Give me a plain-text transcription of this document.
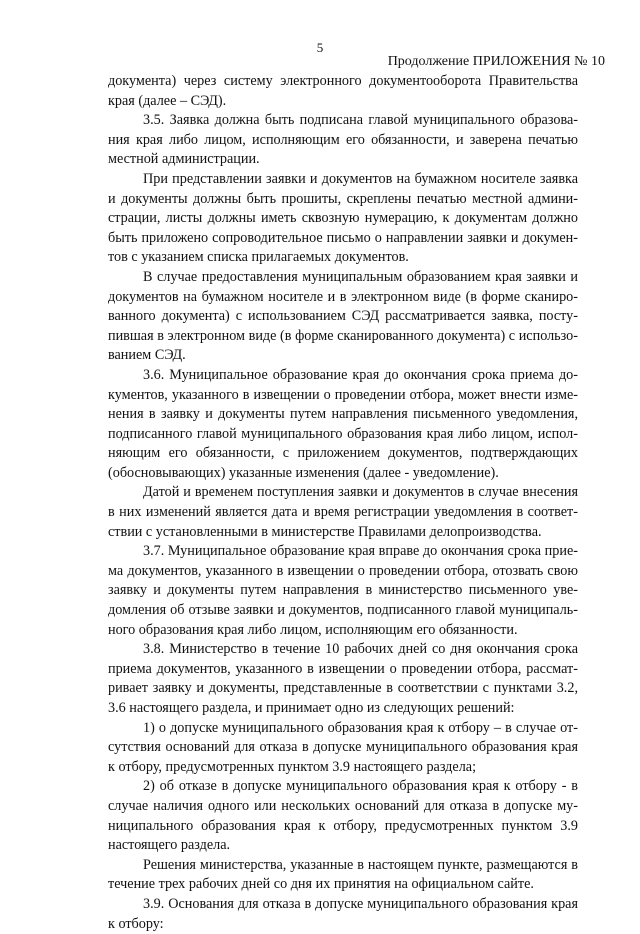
5
Продолжение ПРИЛОЖЕНИЯ № 10
документа) через систему электронного документооборота Правительства
края (далее – СЭД).
3.5. Заявка должна быть подписана главой муниципального образова-
ния края либо лицом, исполняющим его обязанности, и заверена печатью
местной администрации.
При представлении заявки и документов на бумажном носителе заявка
и документы должны быть прошиты, скреплены печатью местной админи-
страции, листы должны иметь сквозную нумерацию, к документам должно
быть приложено сопроводительное письмо о направлении заявки и докумен-
тов с указанием списка прилагаемых документов.
В случае предоставления муниципальным образованием края заявки и
документов на бумажном носителе и в электронном виде (в форме сканиро-
ванного документа) с использованием СЭД рассматривается заявка, посту-
пившая в электронном виде (в форме сканированного документа) с использо-
ванием СЭД.
3.6. Муниципальное образование края до окончания срока приема до-
кументов, указанного в извещении о проведении отбора, может внести изме-
нения в заявку и документы путем направления письменного уведомления,
подписанного главой муниципального образования края либо лицом, испол-
няющим его обязанности, с приложением документов, подтверждающих
(обосновывающих) указанные изменения (далее - уведомление).
Датой и временем поступления заявки и документов в случае внесения
в них изменений является дата и время регистрации уведомления в соответ-
ствии с установленными в министерстве Правилами делопроизводства.
3.7. Муниципальное образование края вправе до окончания срока прие-
ма документов, указанного в извещении о проведении отбора, отозвать свою
заявку и документы путем направления в министерство письменного уве-
домления об отзыве заявки и документов, подписанного главой муниципаль-
ного образования края либо лицом, исполняющим его обязанности.
3.8. Министерство в течение 10 рабочих дней со дня окончания срока
приема документов, указанного в извещении о проведении отбора, рассмат-
ривает заявку и документы, представленные в соответствии с пунктами 3.2,
3.6 настоящего раздела, и принимает одно из следующих решений:
1) о допуске муниципального образования края к отбору – в случае от-
сутствия оснований для отказа в допуске муниципального образования края
к отбору, предусмотренных пунктом 3.9 настоящего раздела;
2) об отказе в допуске муниципального образования края к отбору - в
случае наличия одного или нескольких оснований для отказа в допуске му-
ниципального образования края к отбору, предусмотренных пунктом 3.9
настоящего раздела.
Решения министерства, указанные в настоящем пункте, размещаются в
течение трех рабочих дней со дня их принятия на официальном сайте.
3.9. Основания для отказа в допуске муниципального образования края
к отбору:
